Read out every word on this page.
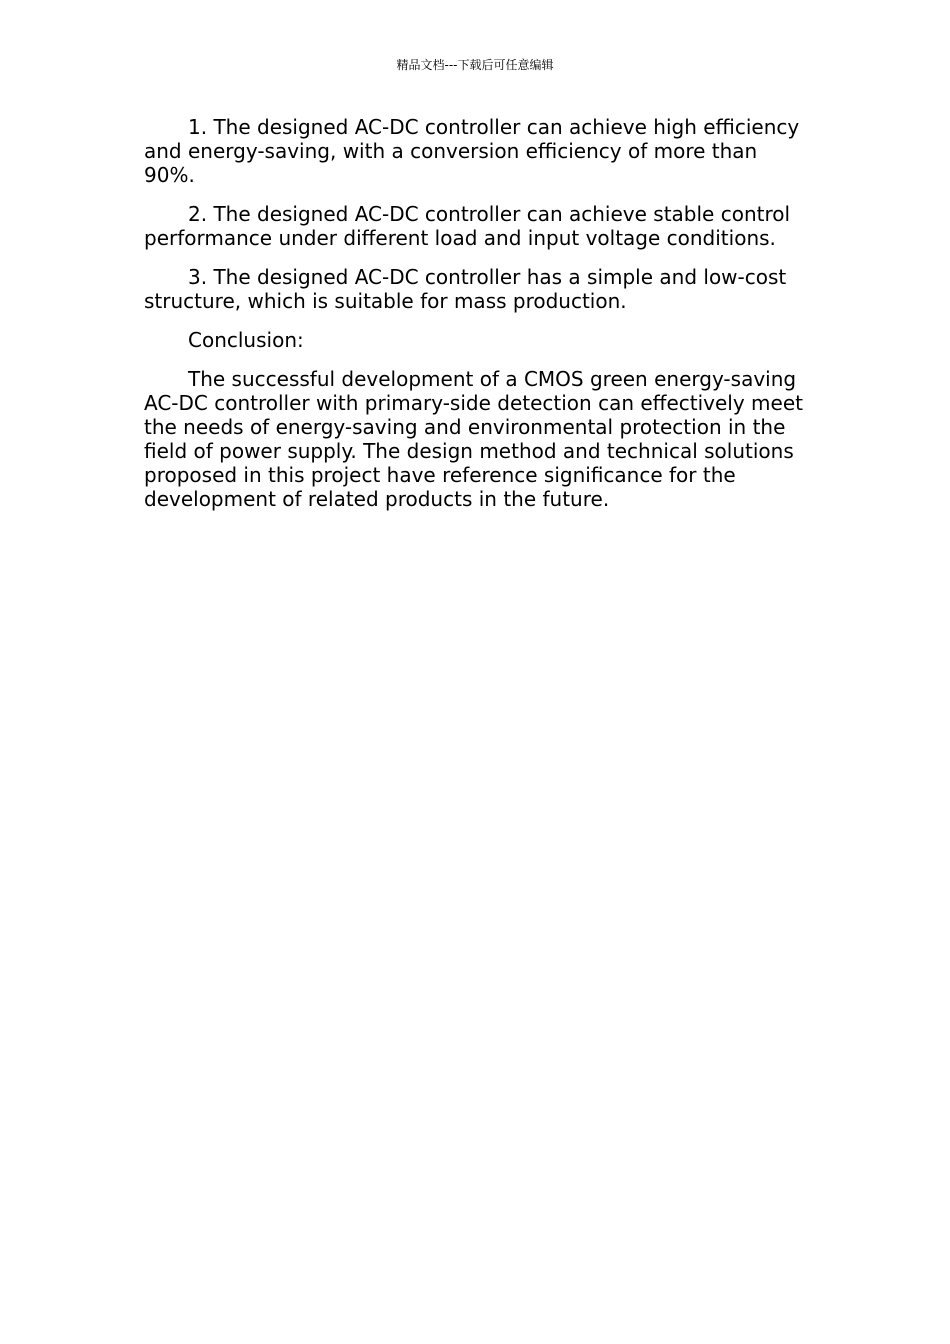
精品文档---下载后可任意编辑

1. The designed AC-DC controller can achieve high efficiency and energy-saving, with a conversion efficiency of more than 90%.

2. The designed AC-DC controller can achieve stable control performance under different load and input voltage conditions.

3. The designed AC-DC controller has a simple and low-cost structure, which is suitable for mass production.

Conclusion:

The successful development of a CMOS green energy-saving AC-DC controller with primary-side detection can effectively meet the needs of energy-saving and environmental protection in the field of power supply. The design method and technical solutions proposed in this project have reference significance for the development of related products in the future.
